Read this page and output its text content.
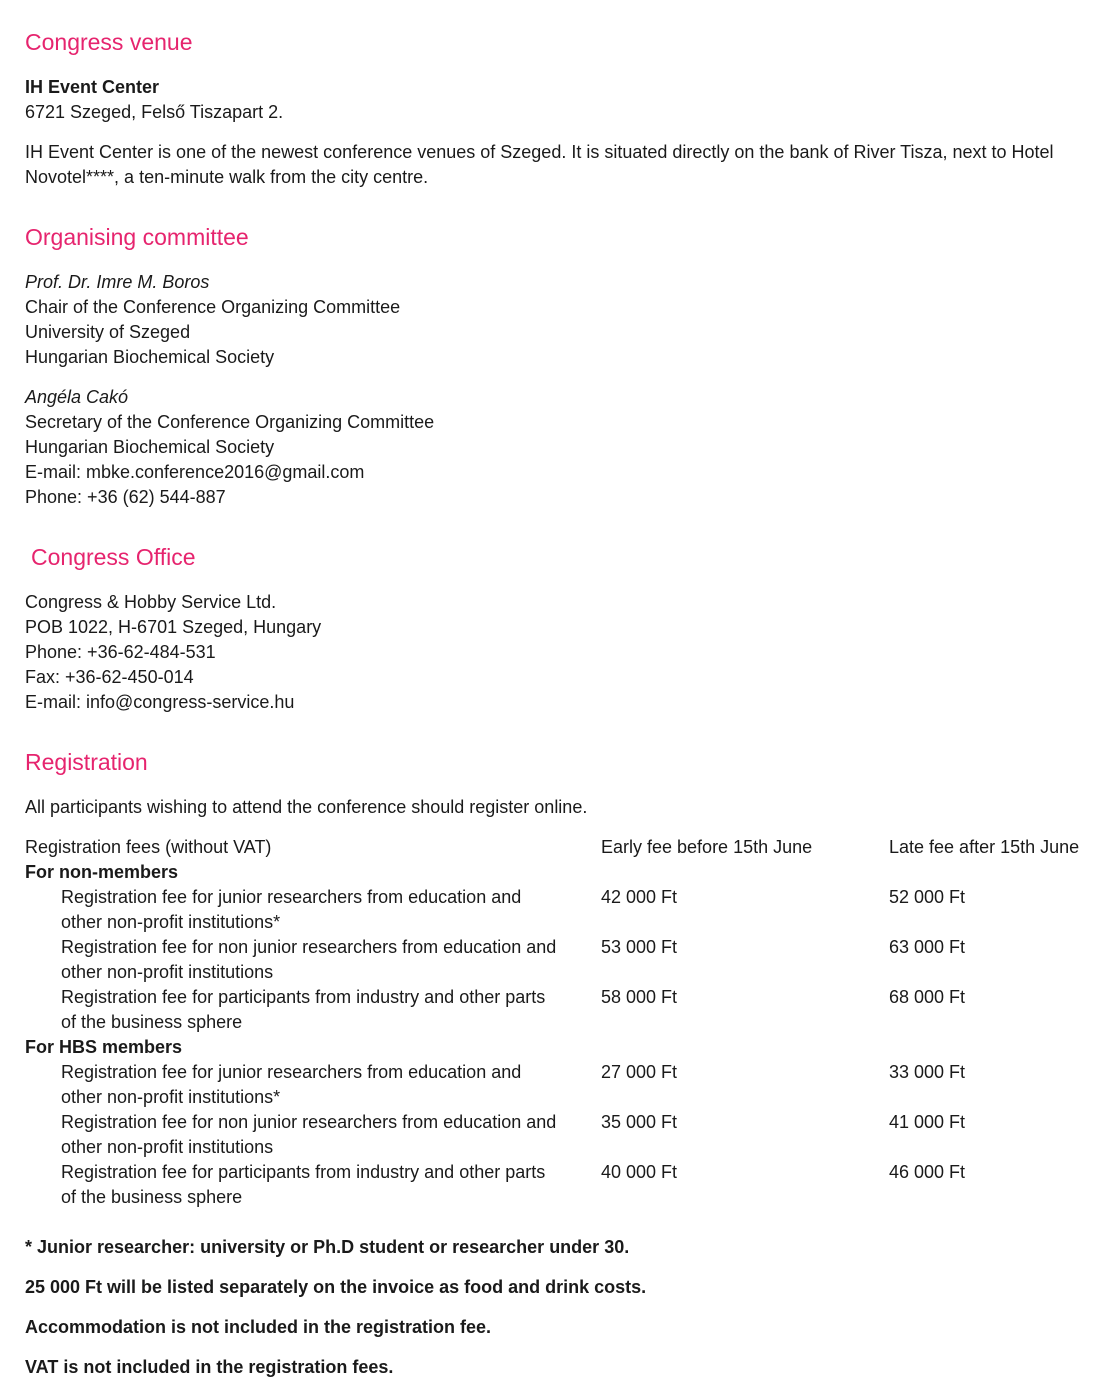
Congress venue
IH Event Center
6721 Szeged, Felső Tiszapart 2.
IH Event Center is one of the newest conference venues of Szeged. It is situated directly on the bank of River Tisza, next to Hotel Novotel****, a ten-minute walk from the city centre.
Organising committee
Prof. Dr. Imre M. Boros
Chair of the Conference Organizing Committee
University of Szeged
Hungarian Biochemical Society
Angéla Cakó
Secretary of the Conference Organizing Committee
Hungarian Biochemical Society
E-mail: mbke.conference2016@gmail.com
Phone: +36 (62) 544-887
Congress Office
Congress & Hobby Service Ltd.
POB 1022, H-6701 Szeged, Hungary
Phone: +36-62-484-531
Fax: +36-62-450-014
E-mail: info@congress-service.hu
Registration
All participants wishing to attend the conference should register online.
Registration fees (without VAT)	Early fee before 15th June	Late fee after 15th June
For non-members
Registration fee for junior researchers from education and other non-profit institutions*
42 000 Ft	52 000 Ft
Registration fee for non junior researchers from education and other non-profit institutions
53 000 Ft	63 000 Ft
Registration fee for participants from industry and other parts of the business sphere
58 000 Ft	68 000 Ft
For HBS members
Registration fee for junior researchers from education and other non-profit institutions*
27 000 Ft	33 000 Ft
Registration fee for non junior researchers from education and other non-profit institutions
35 000 Ft	41 000 Ft
Registration fee for participants from industry and other parts of the business sphere
40 000 Ft	46 000 Ft
* Junior researcher: university or Ph.D student or researcher under 30.
25 000 Ft will be listed separately on the invoice as food and drink costs.
Accommodation is not included in the registration fee.
VAT is not included in the registration fees.
